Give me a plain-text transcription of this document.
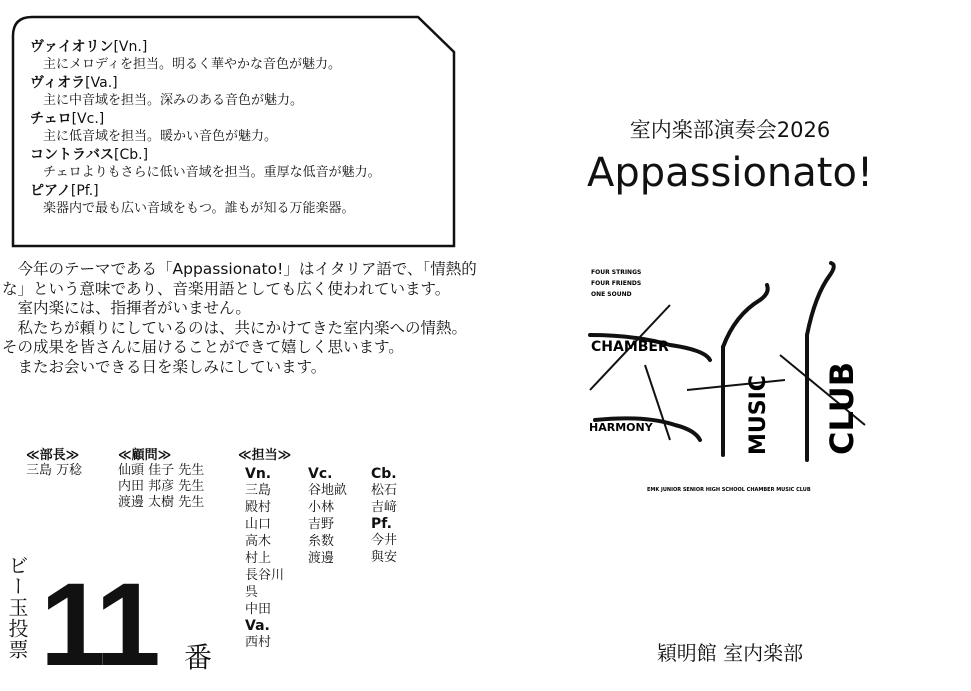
ヴァイオリン[Vn.]
主にメロディを担当。明るく華やかな音色が魅力。
ヴィオラ[Va.]
主に中音域を担当。深みのある音色が魅力。
チェロ[Vc.]
主に低音域を担当。暖かい音色が魅力。
コントラバス[Cb.]
チェロよりもさらに低い音域を担当。重厚な低音が魅力。
ピアノ[Pf.]
楽器内で最も広い音域をもつ。誰もが知る万能楽器。

今年のテーマである「Appassionato!」はイタリア語で、「情熱的な」という意味であり、音楽用語としても広く使われています。

室内楽には、指揮者がいません。

私たちが頼りにしているのは、共にかけてきた室内楽への情熱。

その成果を皆さんに届けることができて嬉しく思います。

またお会いできる日を楽しみにしています。

≪部長≫
三島 万稔
≪顧問≫
仙頭 佳子 先生
内田 邦彦 先生
渡邊 太樹 先生
≪担当≫
Vn.
三島
殿村
山口
高木
村上
長谷川
呉
中田
Va.
西村
Vc.
谷地畝
小林
吉野
糸数
渡邊
Cb.
松石
吉﨑
Pf.
今井
與安
ビー玉投票 11 番
室内楽部演奏会2026
Appassionato!
FOUR STRINGS
FOUR FRIENDS
ONE SOUND
CHAMBER
HARMONY	MUSIC CLUB
EMK JUNIOR SENIOR HIGH SCHOOL CHAMBER MUSIC CLUB
穎明館 室内楽部
